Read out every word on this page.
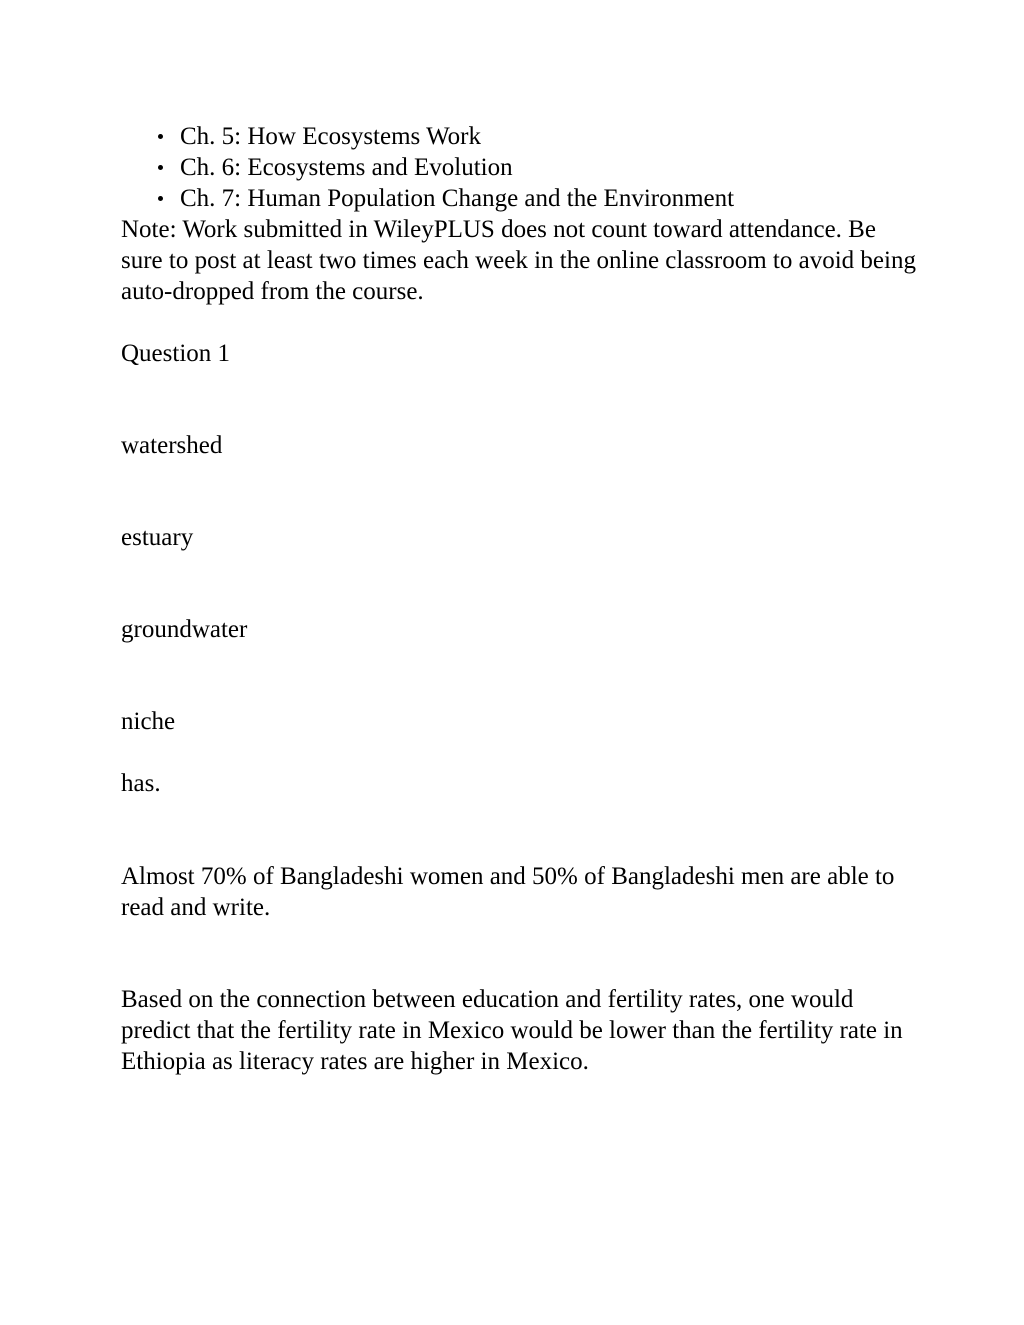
Ch. 5: How Ecosystems Work
Ch. 6: Ecosystems and Evolution
Ch. 7: Human Population Change and the Environment

Note: Work submitted in WileyPLUS does not count toward attendance. Be sure to post at least two times each week in the online classroom to avoid being auto-dropped from the course.

Question 1

watershed

estuary

groundwater

niche

has.

Almost 70% of Bangladeshi women and 50% of Bangladeshi men are able to read and write.

Based on the connection between education and fertility rates, one would predict that the fertility rate in Mexico would be lower than the fertility rate in Ethiopia as literacy rates are higher in Mexico.
